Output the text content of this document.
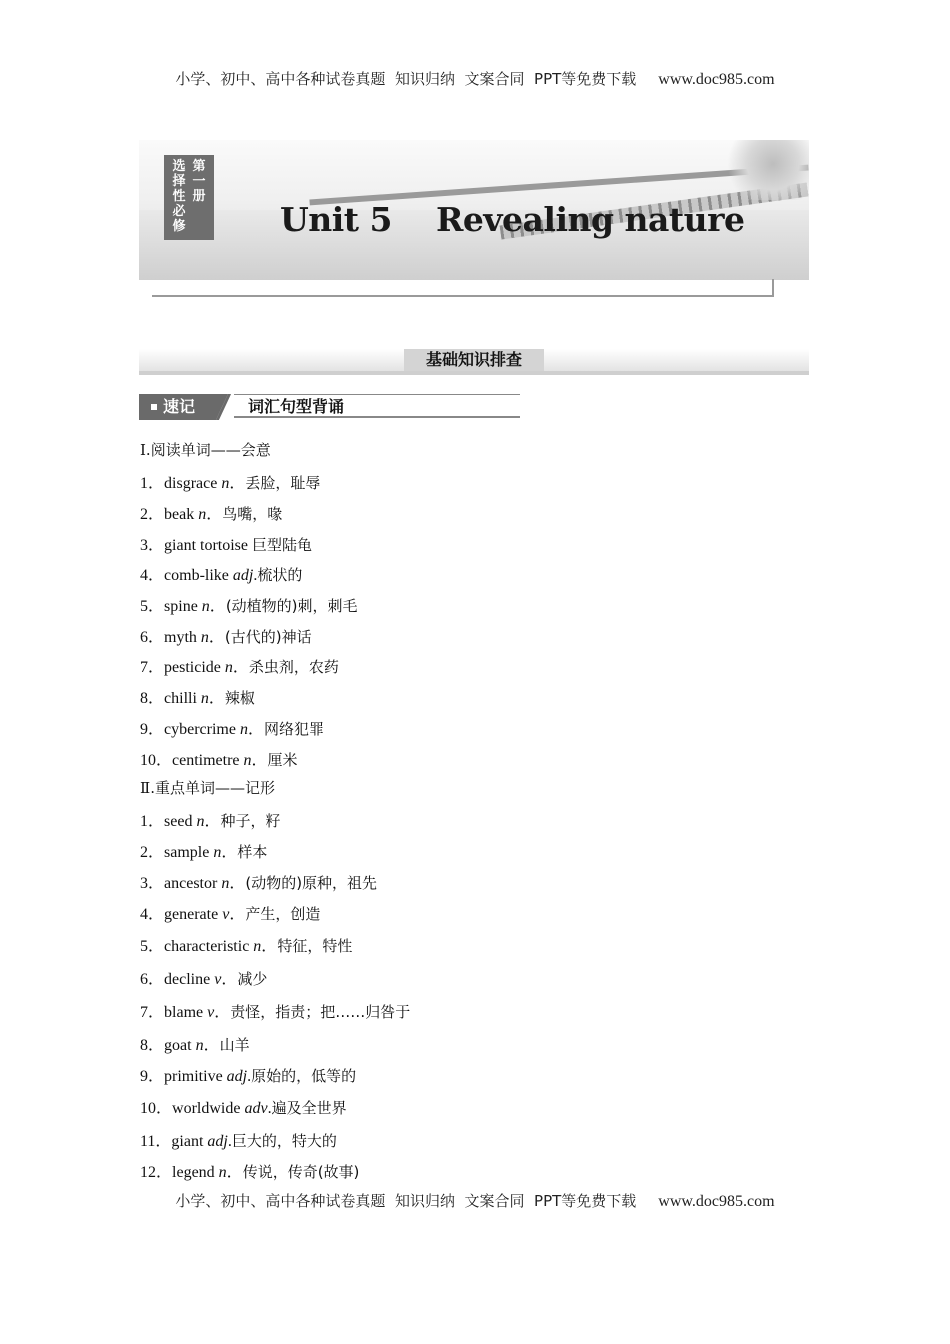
小学、初中、高中各种试卷真题  知识归纳  文案合同  PPT等免费下载 www.doc985.com
选择性必修
第一册
Unit 5    Revealing nature
基础知识排查
速记	词汇句型背诵
Ⅰ.阅读单词——会意
1．disgrace n．丢脸，耻辱
2．beak n．鸟嘴，喙
3．giant tortoise 巨型陆龟
4．comb-like adj.梳状的
5．spine n．(动植物的)刺，刺毛
6．myth n．(古代的)神话
7．pesticide n．杀虫剂，农药
8．chilli n．辣椒
9．cybercrime n．网络犯罪
10．centimetre n．厘米
Ⅱ.重点单词——记形
1．seed n．种子，籽
2．sample n．样本
3．ancestor n．(动物的)原种，祖先
4．generate v．产生，创造
5．characteristic n．特征，特性
6．decline v．减少
7．blame v．责怪，指责；把……归咎于
8．goat n．山羊
9．primitive adj.原始的，低等的
10．worldwide adv.遍及全世界
11．giant adj.巨大的，特大的
12．legend n．传说，传奇(故事)
小学、初中、高中各种试卷真题  知识归纳  文案合同  PPT等免费下载 www.doc985.com
